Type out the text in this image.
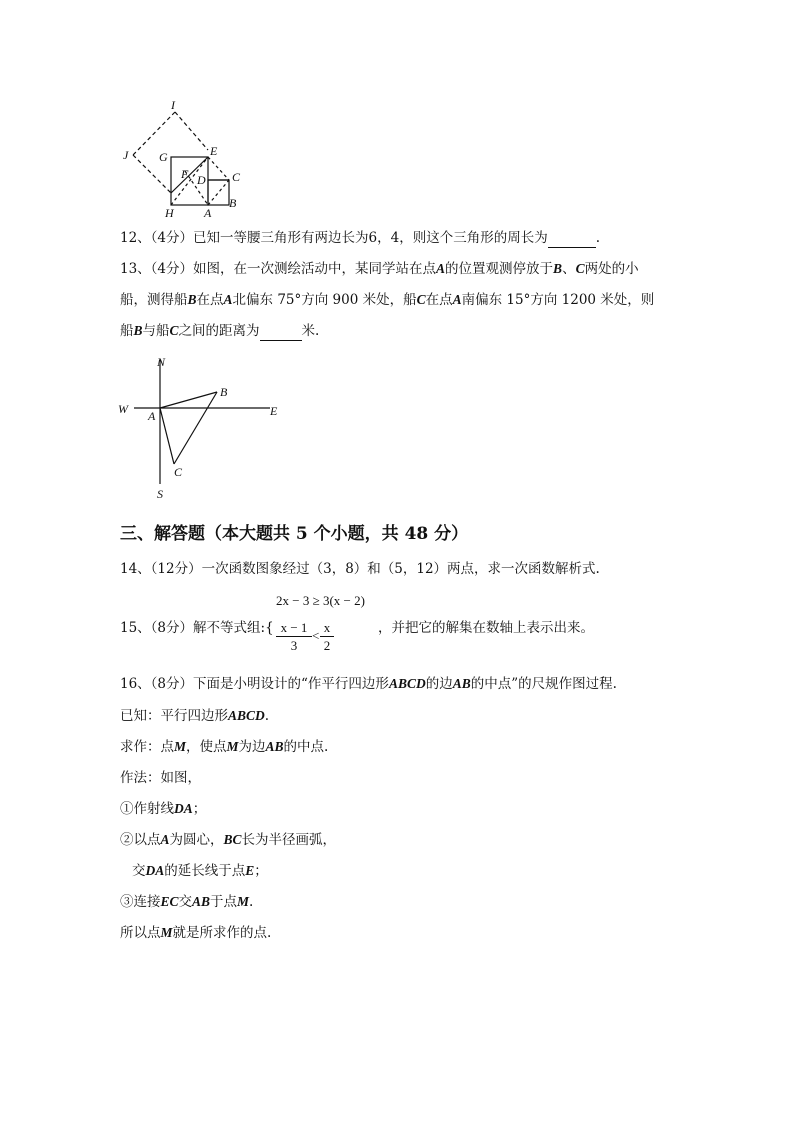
I
J	G	E
F D C
H	A
B
12、（4分）已知一等腰三角形有两边长为6，4，则这个三角形的周长为	.
13、（4分）如图，在一次测绘活动中，某同学站在点A的位置观测停放于B、C两处的小
船，测得船B在点A北偏东 75°方向 900 米处，船C在点A南偏东 15°方向 1200 米处，则
船B与船C之间的距离为	米.
N
W	E
S
A
B
C
三、解答题（本大题共 5 个小题，共 48 分）
14、（12分）一次函数图象经过（3，8）和（5，12）两点，求一次函数解析式.
2x − 3 ≥ 3(x − 2)
15、（8分）解不等式组:{ $\frac{x - 1}{3} < \frac{x}{2}$	，并把它的解集在数轴上表示出来。
16、（8分）下面是小明设计的“作平行四边形ABCD的边AB的中点”的尺规作图过程.
已知：平行四边形ABCD.
求作：点M，使点M为边AB的中点.
作法：如图，
①作射线DA；
②以点A为圆心，BC长为半径画弧，
交DA的延长线于点E；
③连接EC交AB于点M.
所以点M就是所求作的点.
